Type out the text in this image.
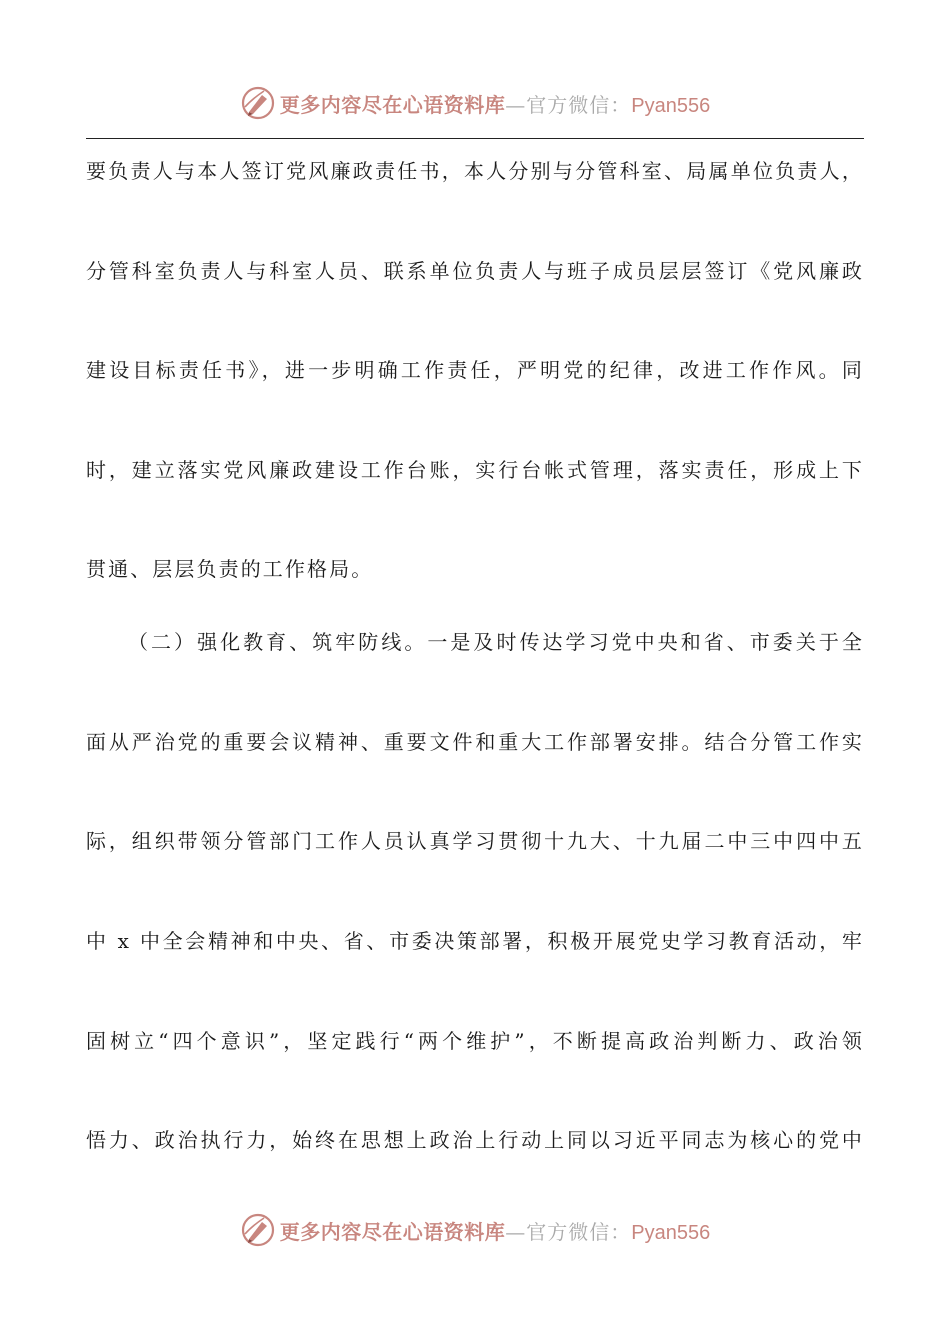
更多内容尽在心语资料库 —官方微信： Pyan556
要负责人与本人签订党风廉政责任书，本人分别与分管科室、局属单位负责人，
分管科室负责人与科室人员、联系单位负责人与班子成员层层签订《党风廉政
建设目标责任书》，进一步明确工作责任，严明党的纪律，改进工作作风。同
时，建立落实党风廉政建设工作台账，实行台帐式管理，落实责任，形成上下
贯通、层层负责的工作格局。
（二）强化教育、筑牢防线。一是及时传达学习党中央和省、市委关于全
面从严治党的重要会议精神、重要文件和重大工作部署安排。结合分管工作实
际，组织带领分管部门工作人员认真学习贯彻十九大、十九届二中三中四中五
中 x 中全会精神和中央、省、市委决策部署，积极开展党史学习教育活动，牢
固树立“四个意识”，坚定践行“两个维护”，不断提高政治判断力、政治领
悟力、政治执行力，始终在思想上政治上行动上同以习近平同志为核心的党中
更多内容尽在心语资料库 —官方微信： Pyan556
